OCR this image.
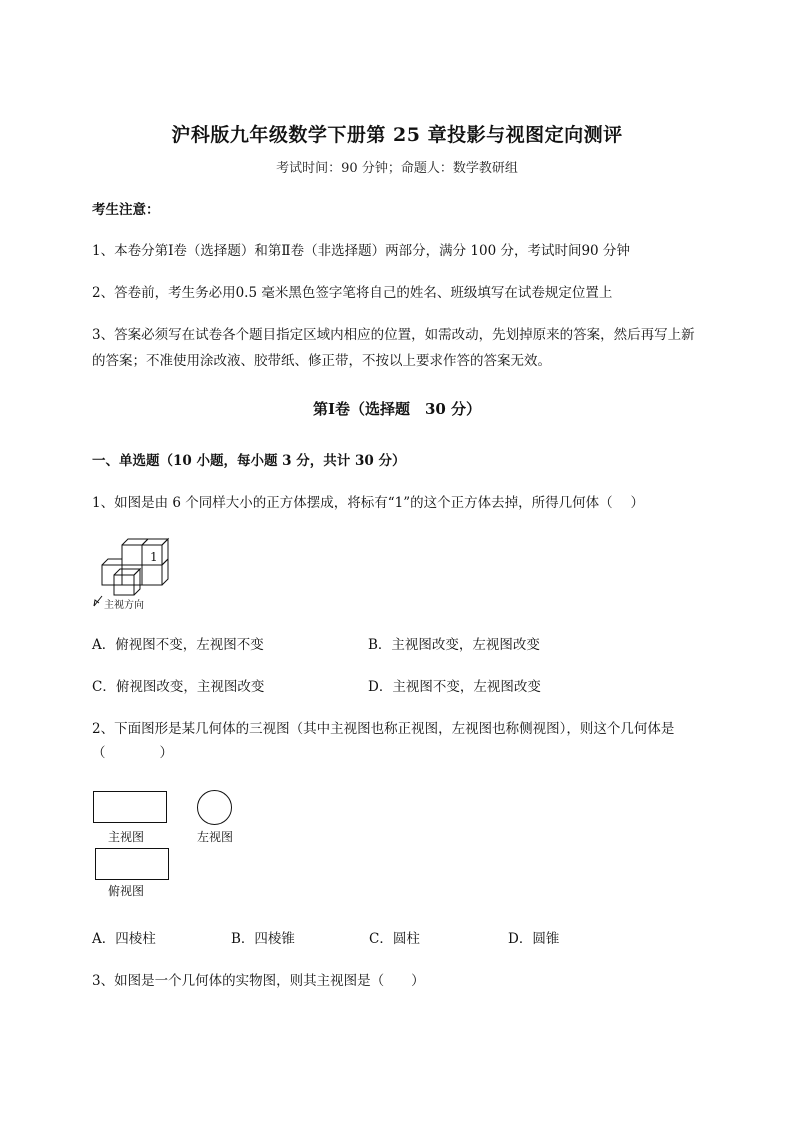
沪科版九年级数学下册第 25 章投影与视图定向测评
考试时间：90 分钟；命题人：数学教研组
考生注意：
1、本卷分第Ⅰ卷（选择题）和第Ⅱ卷（非选择题）两部分，满分 100 分，考试时间90 分钟
2、答卷前，考生务必用0.5 毫米黑色签字笔将自己的姓名、班级填写在试卷规定位置上
3、答案必须写在试卷各个题目指定区域内相应的位置，如需改动，先划掉原来的答案，然后再写上新
的答案；不准使用涂改液、胶带纸、修正带，不按以上要求作答的答案无效。
第Ⅰ卷（选择题　30 分）
一、单选题（10 小题，每小题 3 分，共计 30 分）
1、如图是由 6 个同样大小的正方体摆成，将标有“1”的这个正方体去掉，所得几何体（　 ）
1
主视方向
A．俯视图不变，左视图不变	B．主视图改变，左视图改变
C．俯视图改变，主视图改变	D．主视图不变，左视图改变
2、下面图形是某几何体的三视图（其中主视图也称正视图，左视图也称侧视图），则这个几何体是
（　　　　）
主视图	左视图
俯视图
A．四棱柱	B．四棱锥	C．圆柱	D．圆锥
3、如图是一个几何体的实物图，则其主视图是（　　）
